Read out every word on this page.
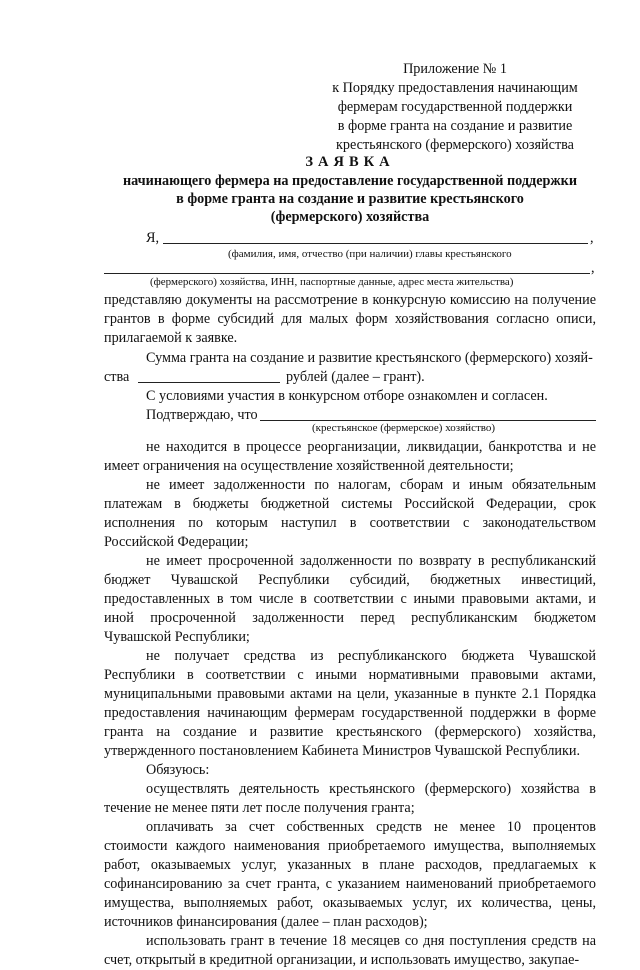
Приложение № 1
к Порядку предоставления начинающим
фермерам государственной поддержки
в форме гранта на создание и развитие
крестьянского (фермерского) хозяйства
ЗАЯВКА
начинающего фермера на предоставление государственной поддержки
в форме гранта на создание и развитие крестьянского
(фермерского) хозяйства
Я,	,
(фамилия, имя, отчество (при наличии) главы крестьянского
,
(фермерского) хозяйства, ИНН, паспортные данные, адрес места жительства)

представляю документы на рассмотрение в конкурсную комиссию на получение грантов в форме субсидий для малых форм хозяйствования согласно описи, прилагаемой к заявке.

Сумма гранта на создание и развитие крестьянского (фермерского) хозяй-

ства	рублей (далее – грант).

С условиями участия в конкурсном отборе ознакомлен и согласен.

Подтверждаю, что
(крестьянское (фермерское) хозяйство)

не находится в процессе реорганизации, ликвидации, банкротства и не имеет ограничения на осуществление хозяйственной деятельности;

не имеет задолженности по налогам, сборам и иным обязательным платежам в бюджеты бюджетной системы Российской Федерации, срок исполнения по которым наступил в соответствии с законодательством Российской Федерации;

не имеет просроченной задолженности по возврату в республиканский бюджет Чувашской Республики субсидий, бюджетных инвестиций, предоставленных в том числе в соответствии с иными правовыми актами, и иной просроченной задолженности перед республиканским бюджетом Чувашской Республики;

не получает средства из республиканского бюджета Чувашской Республики в соответствии с иными нормативными правовыми актами, муниципальными правовыми актами на цели, указанные в пункте 2.1 Порядка предоставления начинающим фермерам государственной поддержки в форме гранта на создание и развитие крестьянского (фермерского) хозяйства, утвержденного постановлением Кабинета Министров Чувашской Республики.

Обязуюсь:

осуществлять деятельность крестьянского (фермерского) хозяйства в течение не менее пяти лет после получения гранта;

оплачивать за счет собственных средств не менее 10 процентов стоимости каждого наименования приобретаемого имущества, выполняемых работ, оказываемых услуг, указанных в плане расходов, предлагаемых к софинансированию за счет гранта, с указанием наименований приобретаемого имущества, выполняемых работ, оказываемых услуг, их количества, цены, источников финансирования (далее – план расходов);

использовать грант в течение 18 месяцев со дня поступления средств на счет, открытый в кредитной организации, и использовать имущество, закупае-
